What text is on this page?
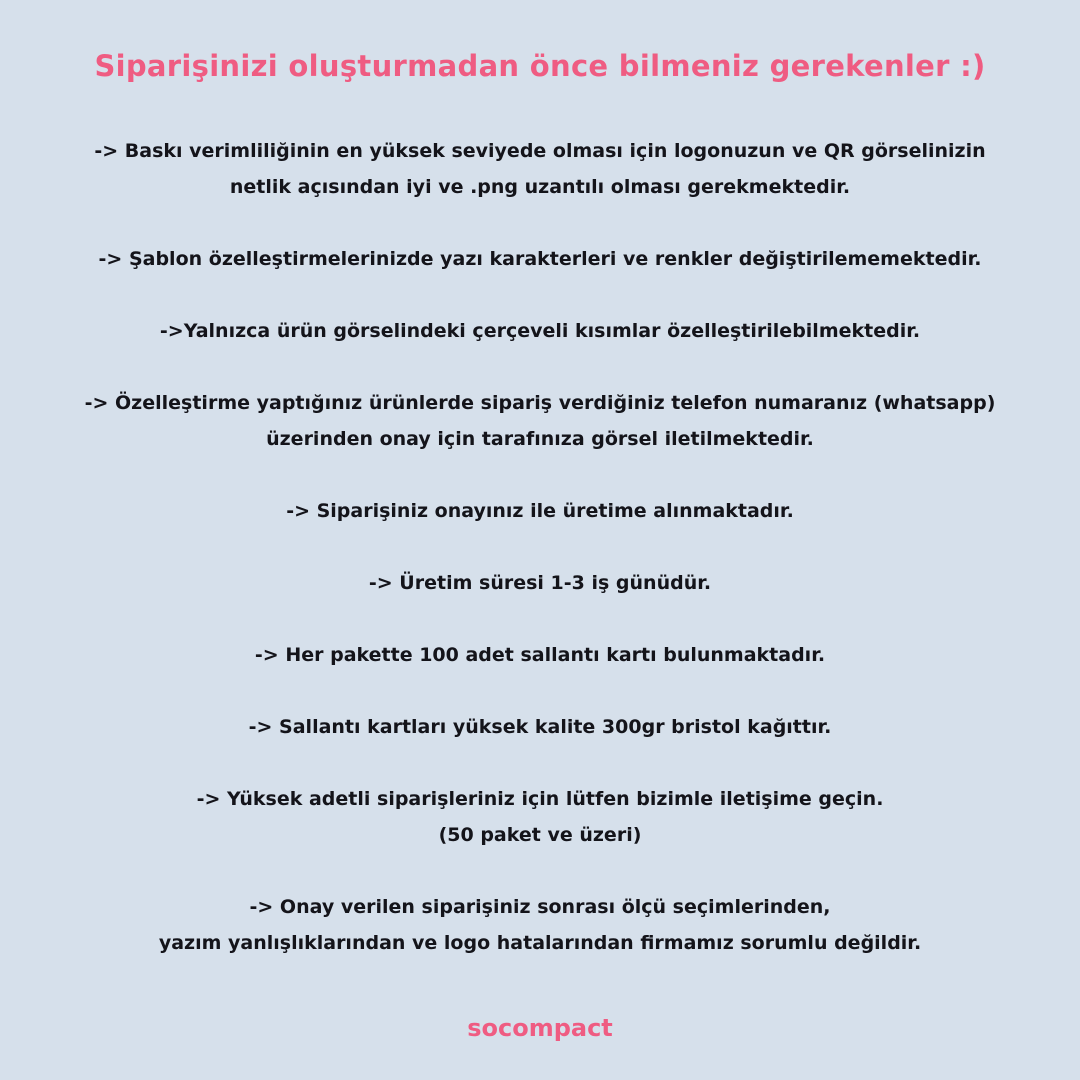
Siparişinizi oluşturmadan önce bilmeniz gerekenler :)
-> Baskı verimliliğinin en yüksek seviyede olması için logonuzun ve QR görselinizin
netlik açısından iyi ve .png uzantılı olması gerekmektedir.
-> Şablon özelleştirmelerinizde yazı karakterleri ve renkler değiştirilememektedir.
->Yalnızca ürün görselindeki çerçeveli kısımlar özelleştirilebilmektedir.
-> Özelleştirme yaptığınız ürünlerde sipariş verdiğiniz telefon numaranız (whatsapp)
üzerinden onay için tarafınıza görsel iletilmektedir.
-> Siparişiniz onayınız ile üretime alınmaktadır.
-> Üretim süresi 1-3 iş günüdür.
-> Her pakette 100 adet sallantı kartı bulunmaktadır.
-> Sallantı kartları yüksek kalite 300gr bristol kağıttır.
-> Yüksek adetli siparişleriniz için lütfen bizimle iletişime geçin.
(50 paket ve üzeri)
-> Onay verilen siparişiniz sonrası ölçü seçimlerinden,
yazım yanlışlıklarından ve logo hatalarından firmamız sorumlu değildir.
socompact
